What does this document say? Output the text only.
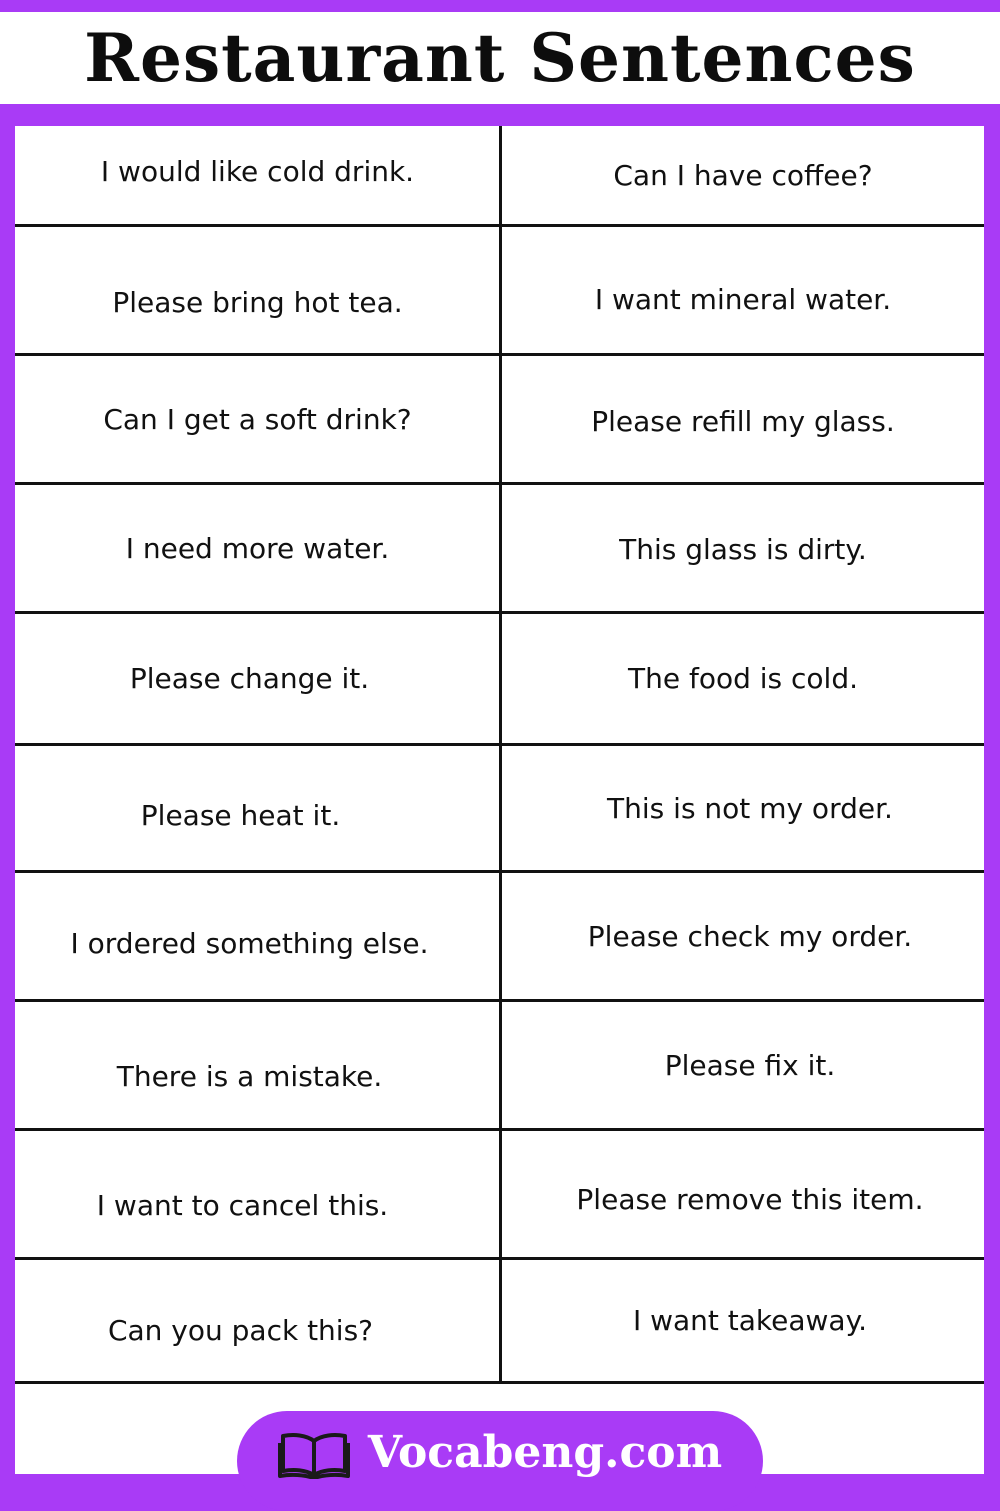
Restaurant Sentences
I would like cold drink.	Can I have coffee?
Please bring hot tea.	I want mineral water.
Can I get a soft drink?	Please refill my glass.
I need more water.	This glass is dirty.
Please change it.	The food is cold.
Please heat it.	This is not my order.
I ordered something else.	Please check my order.
There is a mistake.	Please fix it.
I want to cancel this.	Please remove this item.
Can you pack this?	I want takeaway.
Vocabeng.com
